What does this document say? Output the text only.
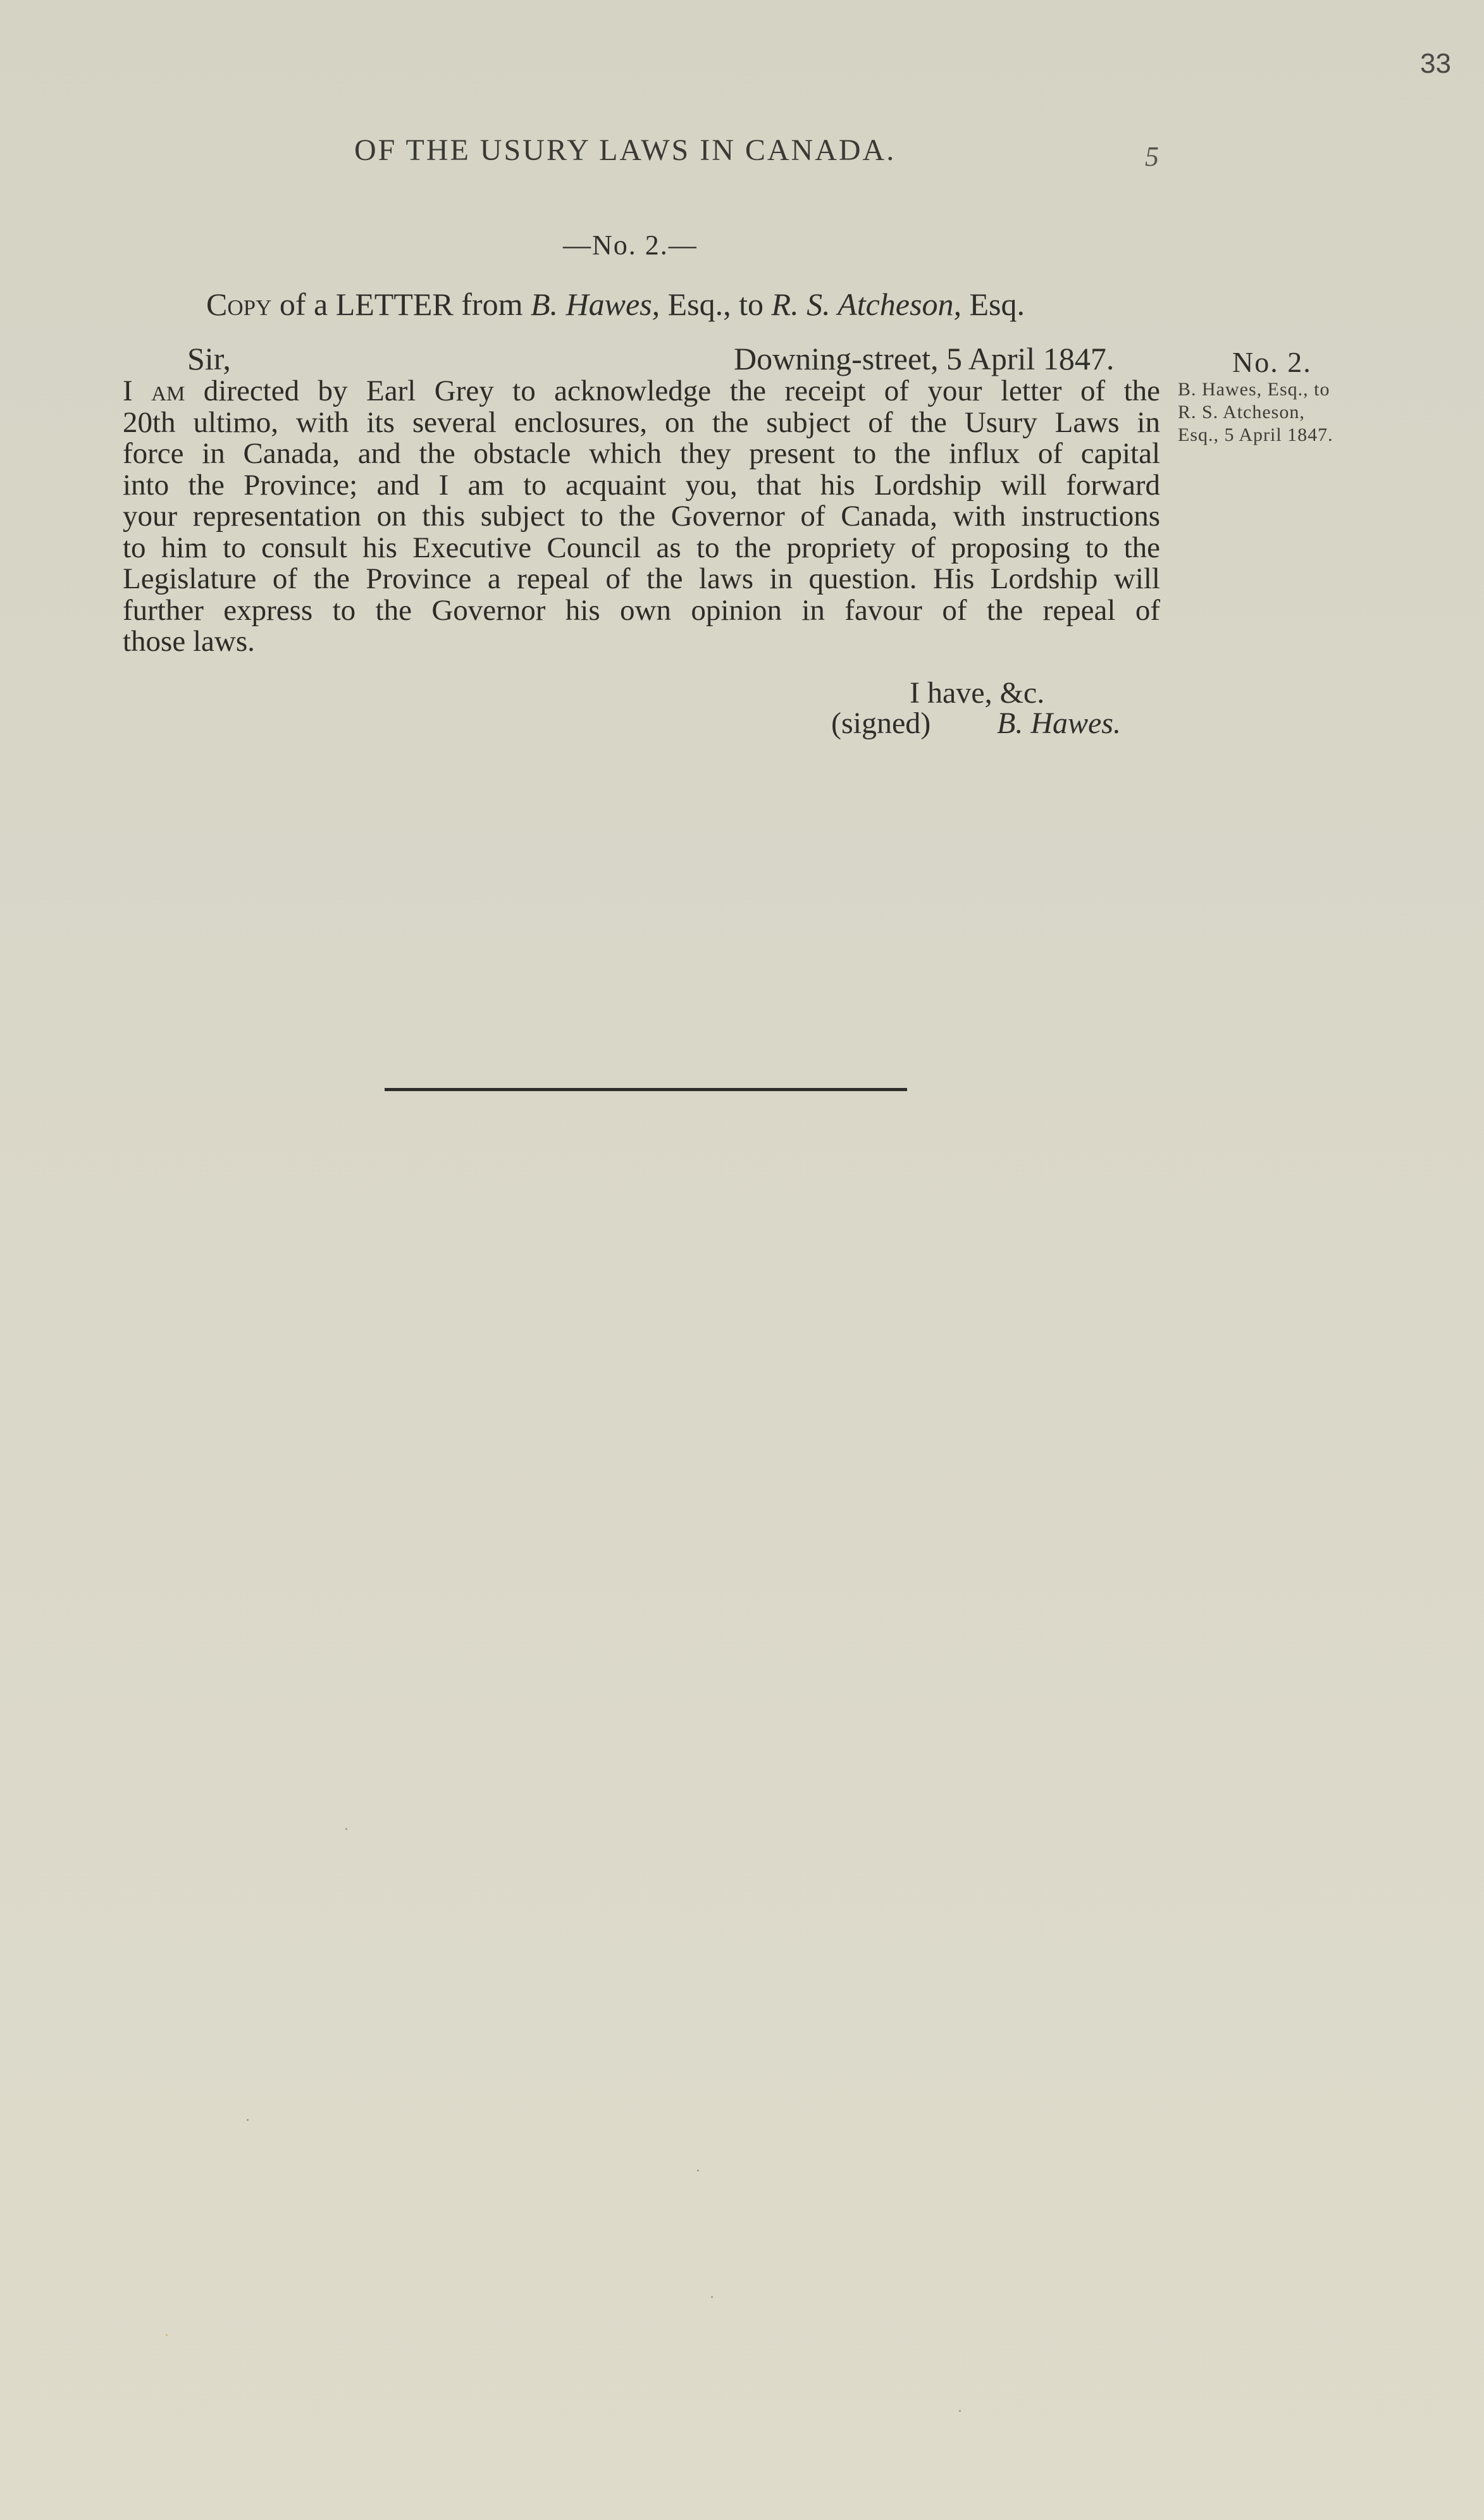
33
OF THE USURY LAWS IN CANADA.	5
—No. 2.—
Copy of a LETTER from B. Hawes, Esq., to R. S. Atcheson, Esq.
Sir,	Downing-street, 5 April 1847.	No. 2.
B. Hawes, Esq., to
R. S. Atcheson,
Esq., 5 April 1847.
I am directed by Earl Grey to acknowledge the receipt of your letter of the
20th ultimo, with its several enclosures, on the subject of the Usury Laws in
force in Canada, and the obstacle which they present to the influx of capital
into the Province; and I am to acquaint you, that his Lordship will forward
your representation on this subject to the Governor of Canada, with instructions
to him to consult his Executive Council as to the propriety of proposing to the
Legislature of the Province a repeal of the laws in question. His Lordship will
further express to the Governor his own opinion in favour of the repeal of
those laws.
I have, &c.
(signed) B. Hawes.
